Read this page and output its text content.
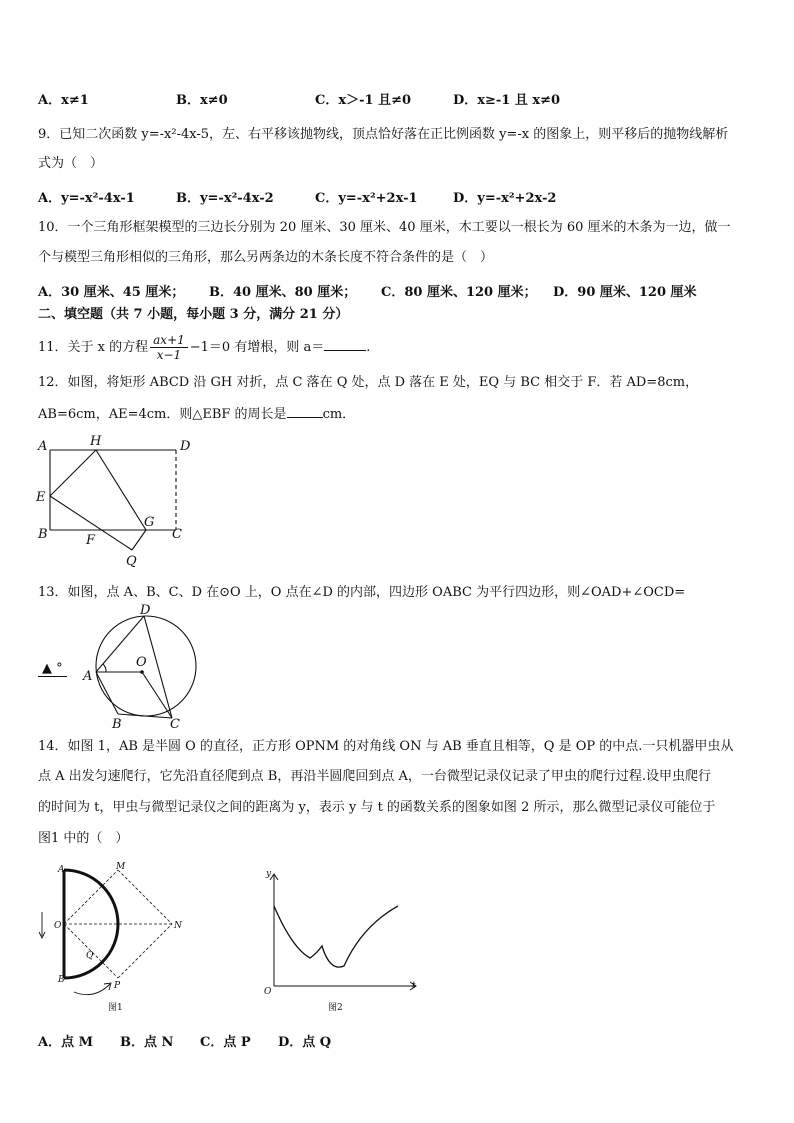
A．x≠1	B．x≠0	C．x＞-1 且≠0	D．x≥-1 且 x≠0
9．已知二次函数 y=-x²-4x-5，左、右平移该抛物线，顶点恰好落在正比例函数 y=-x 的图象上，则平移后的抛物线解析
式为（　）
A．y=-x²-4x-1	B．y=-x²-4x-2	C．y=-x²+2x-1	D．y=-x²+2x-2
10．一个三角形框架模型的三边长分别为 20 厘米、30 厘米、40 厘米，木工要以一根长为 60 厘米的木条为一边，做一
个与模型三角形相似的三角形，那么另两条边的木条长度不符合条件的是（　）
A．30 厘米、45 厘米； B．40 厘米、80 厘米； C．80 厘米、120 厘米； D．90 厘米、120 厘米
二、填空题（共 7 小题，每小题 3 分，满分 21 分）
11．关于 x 的方程 $\frac{ax+1}{x-1} -1=0$ 有增根，则 a＝	.
12．如图，将矩形 ABCD 沿 GH 对折，点 C 落在 Q 处，点 D 落在 E 处，EQ 与 BC 相交于 F．若 AD=8cm，
AB=6cm，AE=4cm．则△EBF 的周长是	cm．
A	H	D
E
B	F
G
C
Q
13．如图，点 A、B、C、D 在⊙O 上，O 点在∠D 的内部，四边形 OABC 为平行四边形，则∠OAD+∠OCD=
▲ °
D
O
A
B	C
14．如图 1，AB 是半圆 O 的直径，正方形 OPNM 的对角线 ON 与 AB 垂直且相等，Q 是 OP 的中点.一只机器甲虫从
点 A 出发匀速爬行，它先沿直径爬到点 B，再沿半圆爬回到点 A，一台微型记录仪记录了甲虫的爬行过程.设甲虫爬行
的时间为 t，甲虫与微型记录仪之间的距离为 y，表示 y 与 t 的函数关系的图象如图 2 所示，那么微型记录仪可能位于
图1 中的（　）
A	M
O	N
Q
B
P
图1
y
t
O
图2
A．点 M B．点 N C．点 P D．点 Q
